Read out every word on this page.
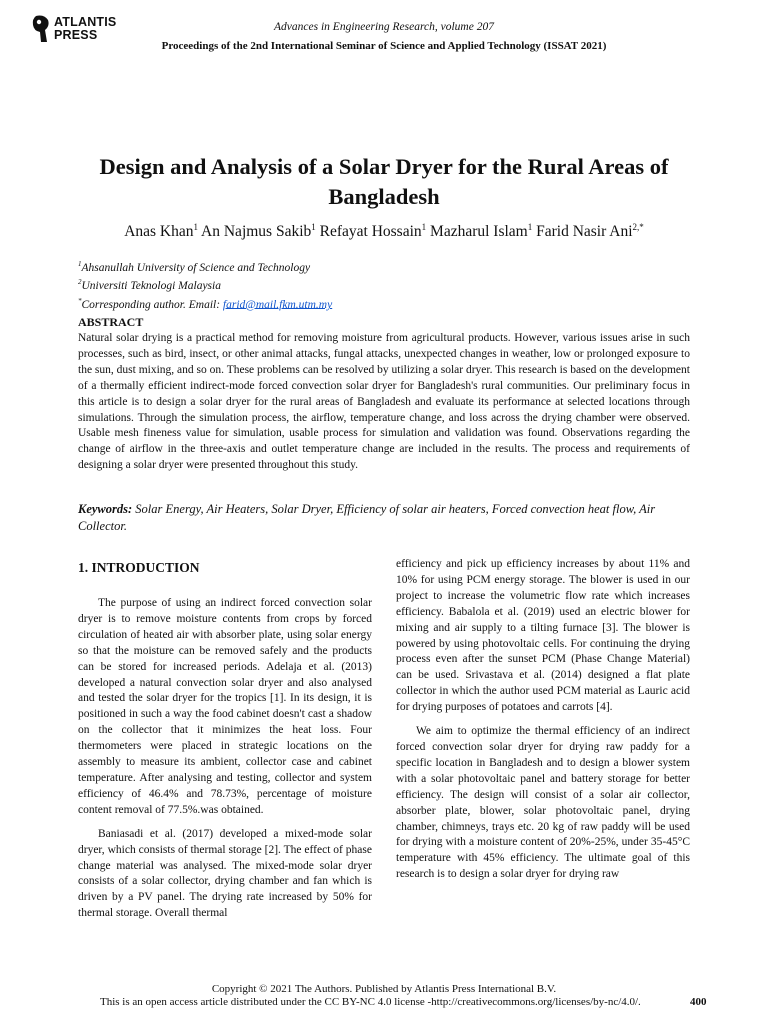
ATLANTIS
PRESS
Advances in Engineering Research, volume 207
Proceedings of the 2nd International Seminar of Science and Applied Technology (ISSAT 2021)
Design and Analysis of a Solar Dryer for the Rural Areas of Bangladesh
Anas Khan$^1$ An Najmus Sakib$^1$ Refayat Hossain$^1$ Mazharul Islam$^1$ Farid Nasir Ani$^{2,*}$
$^1$Ahsanullah University of Science and Technology
$^2$Universiti Teknologi Malaysia
*Corresponding author. Email: farid@mail.fkm.utm.my
ABSTRACT

Natural solar drying is a practical method for removing moisture from agricultural products. However, various issues arise in such processes, such as bird, insect, or other animal attacks, fungal attacks, unexpected changes in weather, low or prolonged exposure to the sun, dust mixing, and so on. These problems can be resolved by utilizing a solar dryer. This research is based on the development of a thermally efficient indirect-mode forced convection solar dryer for Bangladesh's rural communities. Our preliminary focus in this article is to design a solar dryer for the rural areas of Bangladesh and evaluate its performance at selected locations through simulations. Through the simulation process, the airflow, temperature change, and loss across the drying chamber were observed. Usable mesh fineness value for simulation, usable process for simulation and validation was found. Observations regarding the change of airflow in the three-axis and outlet temperature change are included in the results. The process and requirements of designing a solar dryer were presented throughout this study.

Keywords: Solar Energy, Air Heaters, Solar Dryer, Efficiency of solar air heaters, Forced convection heat flow, Air Collector.

1. INTRODUCTION

The purpose of using an indirect forced convection solar dryer is to remove moisture contents from crops by forced circulation of heated air with absorber plate, using solar energy so that the moisture can be removed safely and the products can be stored for increased periods. Adelaja et al. (2013) developed a natural convection solar dryer and also analysed and tested the solar dryer for the tropics [1]. In its design, it is positioned in such a way the food cabinet doesn't cast a shadow on the collector that it minimizes the heat loss. Four thermometers were placed in strategic locations on the assembly to measure its ambient, collector case and cabinet temperature. After analysing and testing, collector and system efficiency of 46.4% and 78.73%, percentage of moisture content removal of 77.5%.was obtained.

Baniasadi et al. (2017) developed a mixed-mode solar dryer, which consists of thermal storage [2]. The effect of phase change material was analysed. The mixed-mode solar dryer consists of a solar collector, drying chamber and fan which is driven by a PV panel. The drying rate increased by 50% for thermal storage. Overall thermal

efficiency and pick up efficiency increases by about 11% and 10% for using PCM energy storage. The blower is used in our project to increase the volumetric flow rate which increases efficiency. Babalola et al. (2019) used an electric blower for mixing and air supply to a tilting furnace [3]. The blower is powered by using photovoltaic cells. For continuing the drying process even after the sunset PCM (Phase Change Material) can be used. Srivastava et al. (2014) designed a flat plate collector in which the author used PCM material as Lauric acid for drying purposes of potatoes and carrots [4].

We aim to optimize the thermal efficiency of an indirect forced convection solar dryer for drying raw paddy for a specific location in Bangladesh and to design a blower system with a solar photovoltaic panel and battery storage for better efficiency. The design will consist of a solar air collector, absorber plate, blower, solar photovoltaic panel, drying chamber, chimneys, trays etc. 20 kg of raw paddy will be used for drying with a moisture content of 20%-25%, under 35-45°C temperature with 45% efficiency. The ultimate goal of this research is to design a solar dryer for drying raw

Copyright © 2021 The Authors. Published by Atlantis Press International B.V.
This is an open access article distributed under the CC BY-NC 4.0 license -http://creativecommons.org/licenses/by-nc/4.0/.	400
